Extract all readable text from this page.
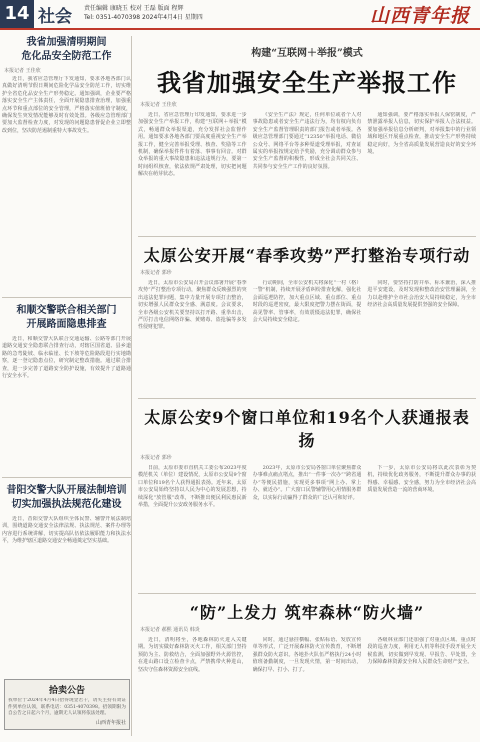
14 社会 责任编辑 康晓玉 校对 王磊 版面 程辉
Tel: 0351-4070398 2024年4月4日 星期四	山西青年报
我省加强清明期间
危化品安全防范工作
本报记者 王佳欣
近日，我省应急管理厅下发通知，要求各地各部门认真做好清明节假日期间危险化学品安全防范工作，切实维护全省危化品安全生产形势稳定。通知强调，企业要严格落实安全生产主体责任，全面开展隐患排查治理，加强重点环节和重点部位的安全管理，严格落实值班值守制度，确保发生突发情况能够及时有效处置。各级应急管理部门要加大监督检查力度，对发现的问题隐患督促企业立即整改到位，坚决防范遏制重特大事故发生。
和顺交警联合相关部门
开展路面隐患排查
近日，和顺交警大队联合交通运输、公路等部门开展道路交通安全隐患联合排查行动，对辖区国省道、县乡道路的急弯陡坡、临水临崖、长下坡等危险路段进行实地勘察，逐一登记隐患点位，研究制定整改措施。通过联合排查，进一步完善了道路安全防护设施，有效提升了道路通行安全水平。
昔阳交警大队开展法制培训
切实加强执法规范化建设
近日，昔阳交警大队组织全体民警、辅警开展法制培训，围绕道路交通安全法律法规、执法规范、案件办理等内容进行系统讲解，切实提高队伍依法履职能力和执法水平，为维护辖区道路交通安全畅通奠定坚实基础。
拾卖公告
我单位于2024年4月4日拾得现金若干，请失主持有效证件到单位认领，联系电话：0351-4070398。招领期限为自公告之日起六个月，逾期无人认领将依法处理。
山西青年报社
构建“互联网＋举报”模式
我省加强安全生产举报工作
本报记者 王佳欣
近日，省应急管理厅印发通知，要求进一步加强安全生产举报工作，构建“互联网＋举报”模式，畅通群众举报渠道，充分发挥社会监督作用。通知要求各地各部门要高度重视安全生产举报工作，健全完善举报受理、核查、奖励等工作机制，确保举报件件有着落、事事有回音。对群众举报的重大事故隐患和违法违规行为，要第一时间组织核查，依法依规严肃处理，切实把问题解决在萌芽状态。
《安全生产法》规定，任何单位或者个人对事故隐患或者安全生产违法行为，均有权向负有安全生产监督管理职责的部门报告或者举报。各级应急管理部门要通过“12350”举报电话、微信公众号、网络平台等多种渠道受理举报，对查证属实的举报按规定给予奖励，充分调动群众参与安全生产监督的积极性，形成全社会共同关注、共同参与安全生产工作的良好氛围。
通知强调，要严格落实举报人保密制度，严禁泄露举报人信息，切实保护举报人合法权益。要加强举报信息分析研判，对举报集中的行业领域和地区开展重点检查，推动安全生产形势持续稳定向好，为全省高质量发展营造良好的安全环境。
太原公安开展“春季攻势”严打整治专项行动
本报记者 郭珍
近日，太原市公安局召开会议部署开展“春季攻势”严打整治专项行动，聚焦群众反映强烈的突出违法犯罪问题，集中力量开展专项打击整治，切实增强人民群众安全感、满意度。会议要求，全市各级公安机关要坚持以打开路、重拳出击，严厉打击电信网络诈骗、黄赌毒、盗抢骗等多发性侵财犯罪。
行动期间，全市公安机关将深化“一村（格）一警”机制，持续开展矛盾纠纷排查化解，强化社会面巡逻防控，加大重点区域、重点部位、重点时段的巡逻密度，最大限度把警力摆在街面，提高见警率、管事率，有效震慑违法犯罪，确保社会大局持续安全稳定。
同时，要坚持打防并举、标本兼治，深入推进平安建设，及时发现和整改治安管理漏洞，全力以赴维护全市社会治安大局持续稳定，为全市经济社会高质量发展提供坚强的安全保障。
太原公安9个窗口单位和19名个人获通报表扬
本报记者 郭珍
日前，太原市委市直机关工委公布2023年度模范机关（单位）建设情况，太原市公安局9个窗口单位和19名个人获得通报表扬。近年来，太原市公安局始终坚持以人民为中心的发展思想，持续深化“放管服”改革，不断推出便民利民惠民新举措，全面提升公安政务服务水平。
2023年，太原市公安局各窗口单位聚焦群众办事难点痛点堵点，推出“一件事一次办”“跨省通办”等便民措施，实现更多事项“网上办、掌上办、就近办”。广大窗口民警辅警用心用情服务群众，以实际行动赢得了群众的广泛认可和好评。
下一步，太原市公安局将以此次表彰为契机，持续优化政务服务，不断提升群众办事的获得感、幸福感、安全感，努力为全市经济社会高质量发展营造一流的营商环境。
“防”上发力 筑牢森林“防火墙”
本报记者 郝熙 通讯员 韩炎
近日，清明将至，各地森林防火进入关键期。为切实做好森林防灭火工作，相关部门坚持预防为主、防救结合，全面加强野外火源管控，在进山路口设立检查卡点，严禁携带火种进山，坚决守住森林资源安全底线。
同时，通过悬挂横幅、张贴标语、发放宣传单等形式，广泛开展森林防火宣传教育，不断增强群众防火意识。各地扑火队伍严格执行24小时值班备勤制度，一旦发现火情，第一时间出动，确保打早、打小、打了。
各级林业部门还加强了对重点区域、重点时段的巡查力度，利用无人机等科技手段开展全天候监测，切实做到早发现、早报告、早处置，全力保障森林资源安全和人民群众生命财产安全。
